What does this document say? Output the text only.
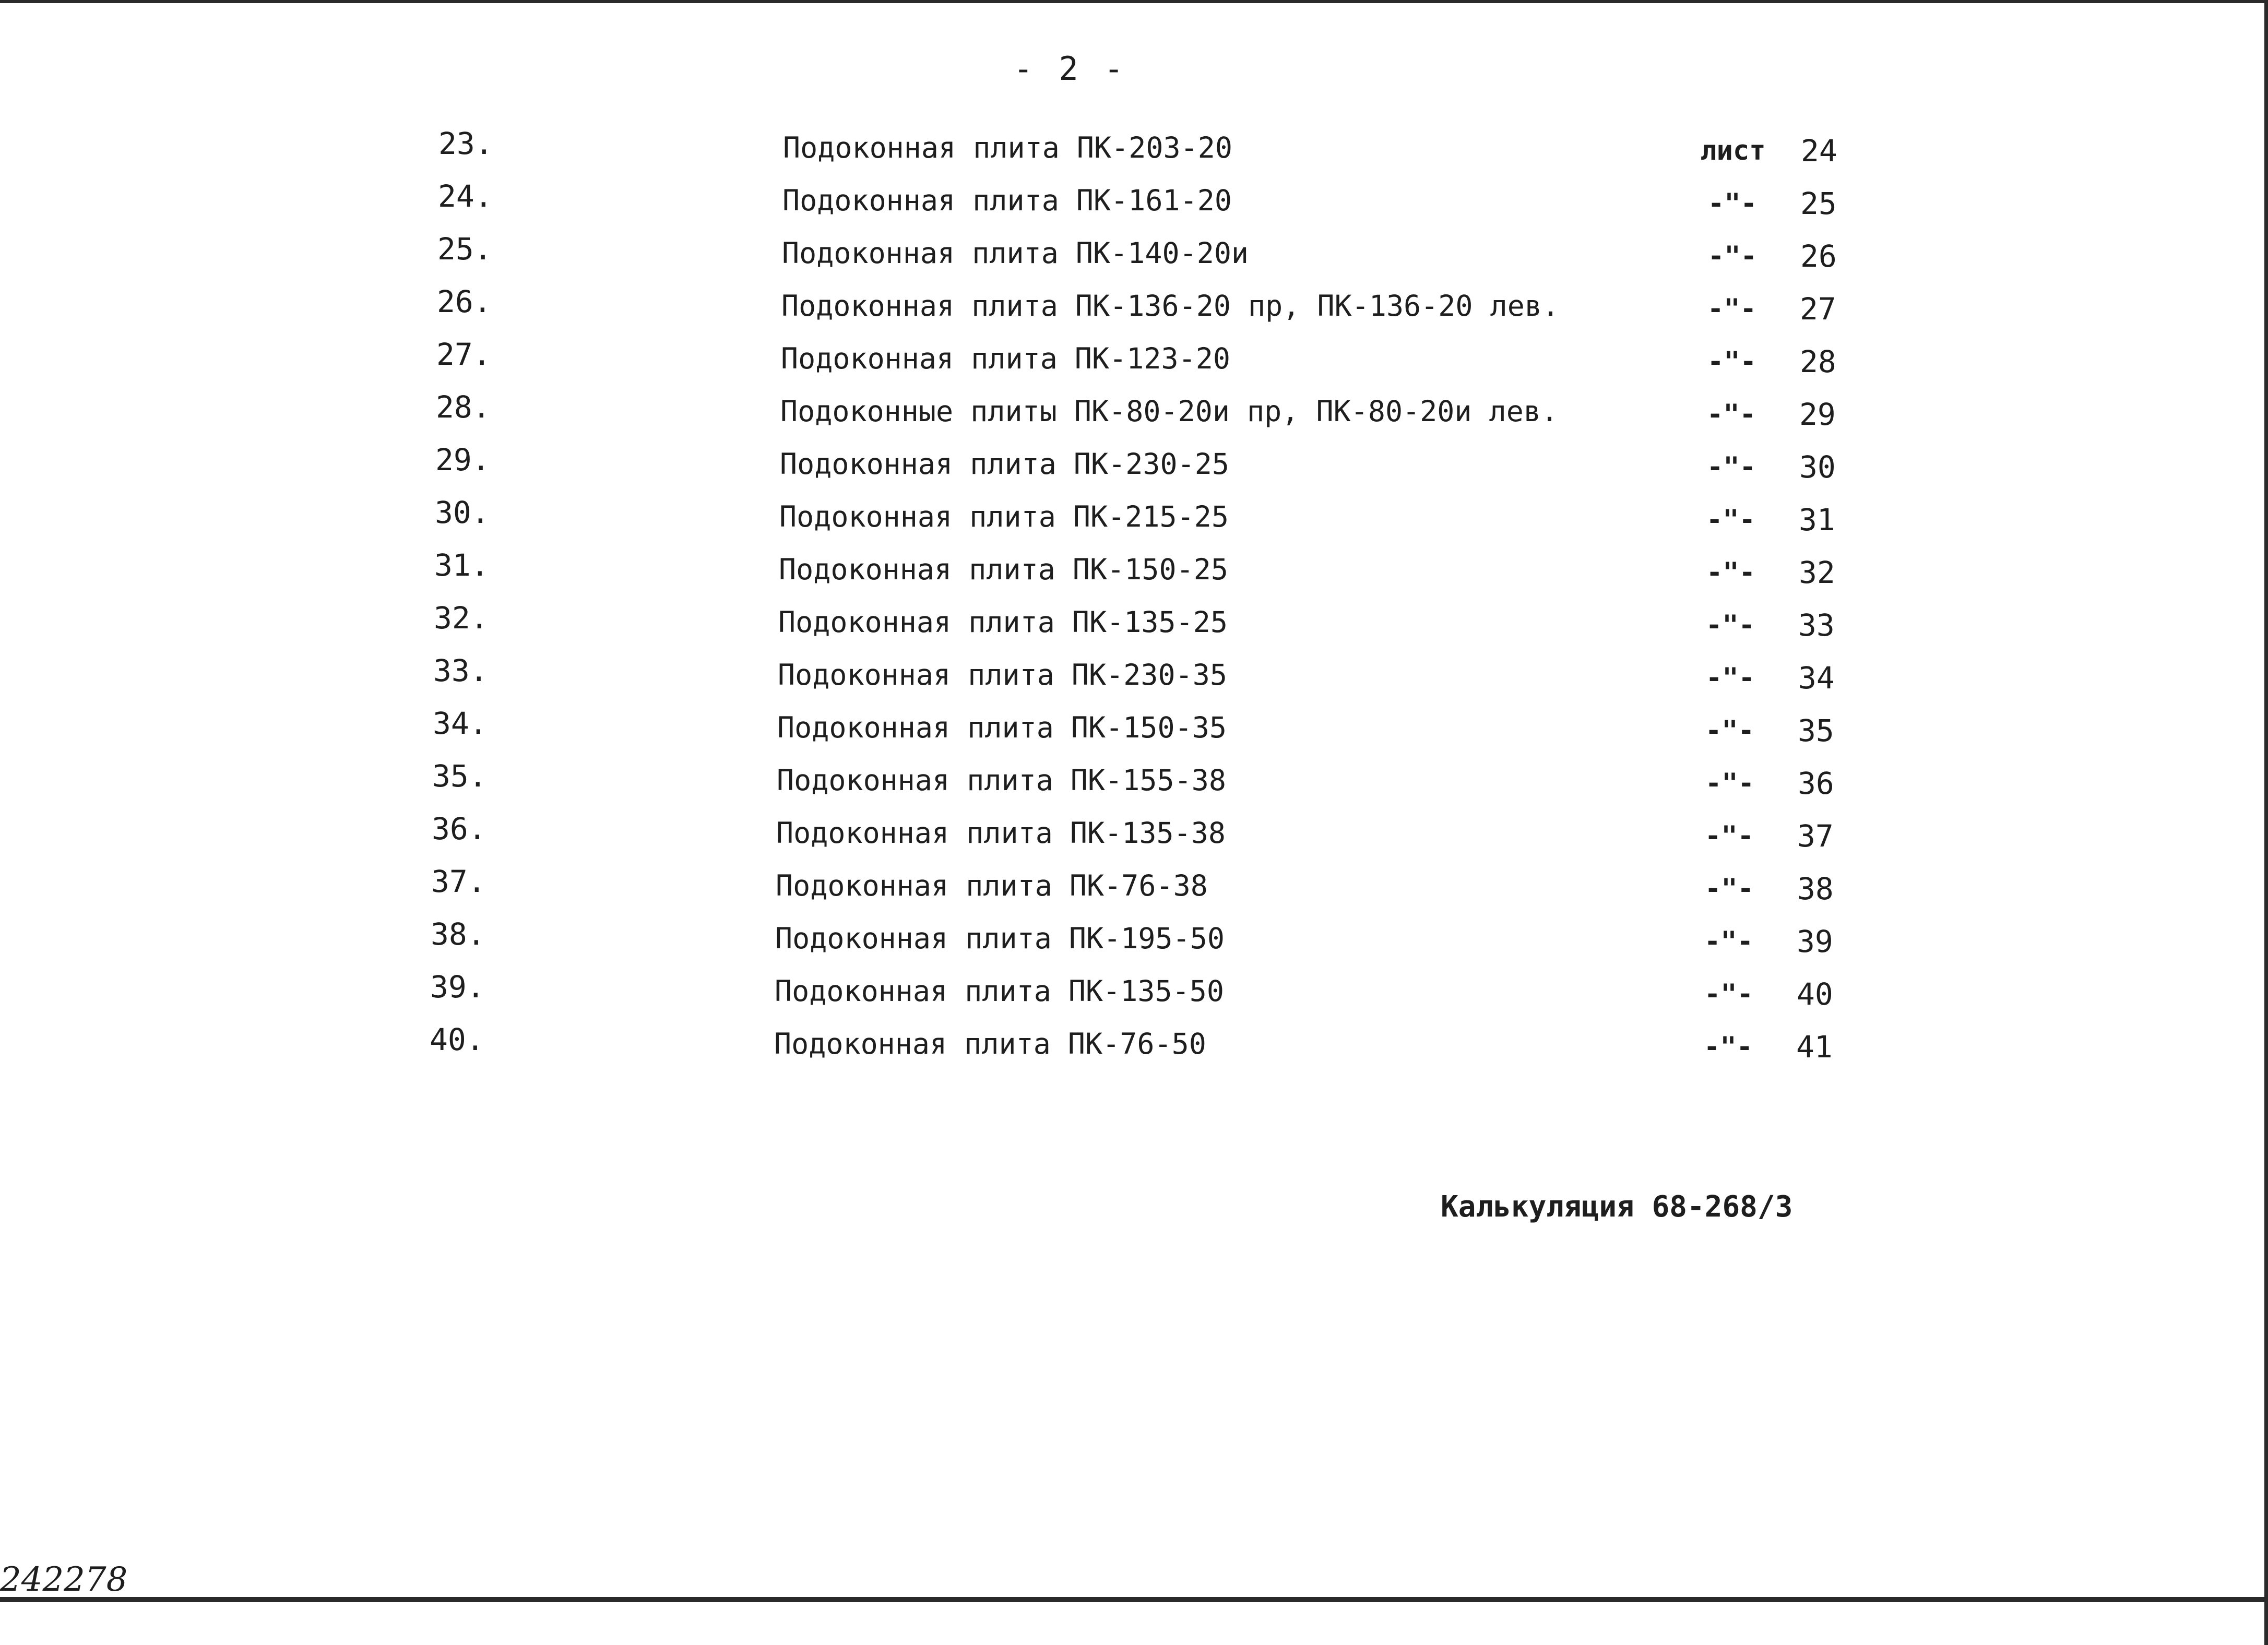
- 2 -
23.	Подоконная плита ПК-203-20	лист	24
24.	Подоконная плита ПК-161-20	-"-	25
25.	Подоконная плита ПК-140-20и	-"-	26
26.	Подоконная плита ПК-136-20 пр, ПК-136-20 лев.	-"-	27
27.	Подоконная плита ПК-123-20	-"-	28
28.	Подоконные плиты ПК-80-20и пр, ПК-80-20и лев.	-"-	29
29.	Подоконная плита ПК-230-25	-"-	30
30.	Подоконная плита ПК-215-25	-"-	31
31.	Подоконная плита ПК-150-25	-"-	32
32.	Подоконная плита ПК-135-25	-"-	33
33.	Подоконная плита ПК-230-35	-"-	34
34.	Подоконная плита ПК-150-35	-"-	35
35.	Подоконная плита ПК-155-38	-"-	36
36.	Подоконная плита ПК-135-38	-"-	37
37.	Подоконная плита ПК-76-38	-"-	38
38.	Подоконная плита ПК-195-50	-"-	39
39.	Подоконная плита ПК-135-50	-"-	40
40.	Подоконная плита ПК-76-50	-"-	41
Калькуляция 68-268/3
242278
